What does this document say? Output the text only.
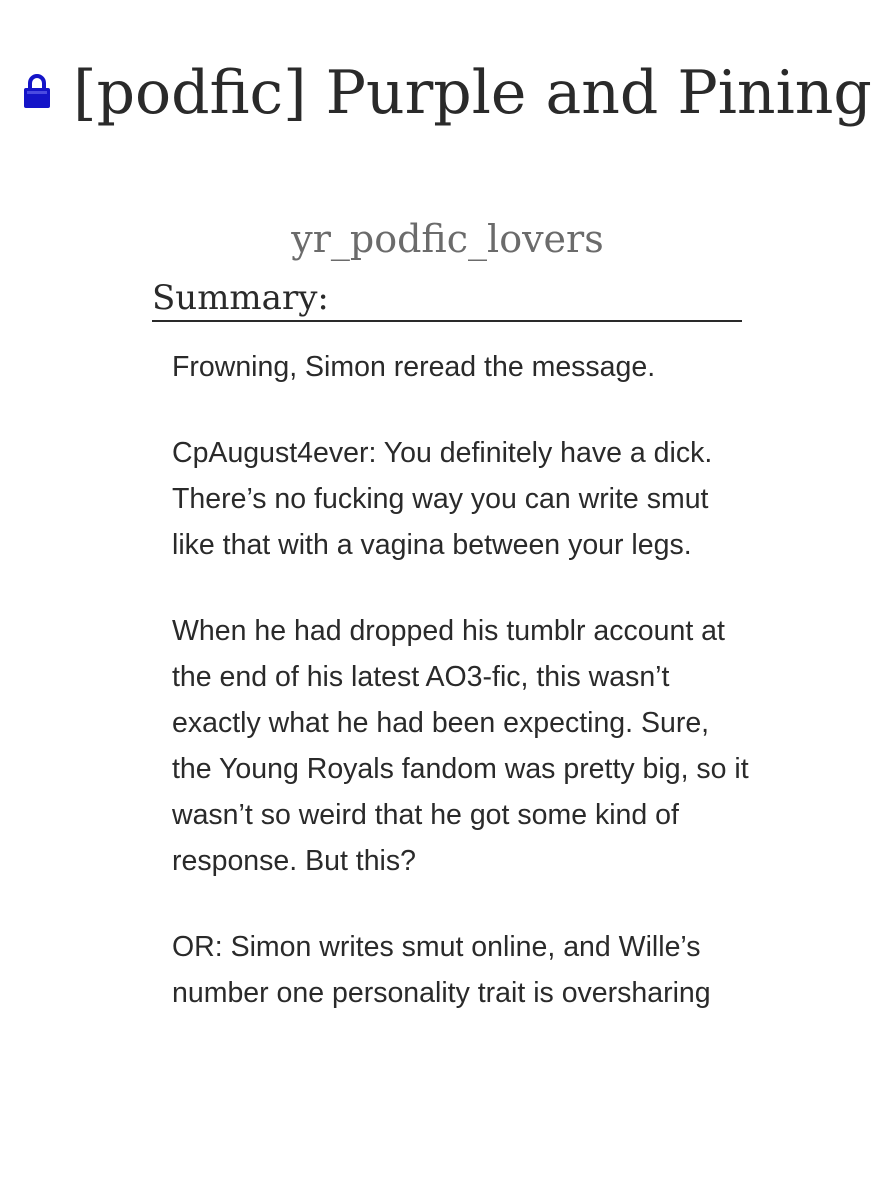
[podfic] Purple and Pining
yr_podfic_lovers
Summary:

Frowning, Simon reread the message.

CpAugust4ever: You definitely have a dick. There’s no fucking way you can write smut like that with a vagina between your legs.

When he had dropped his tumblr account at the end of his latest AO3-fic, this wasn’t exactly what he had been expecting. Sure, the Young Royals fandom was pretty big, so it wasn’t so weird that he got some kind of response. But this?

OR: Simon writes smut online, and Wille’s number one personality trait is oversharing
